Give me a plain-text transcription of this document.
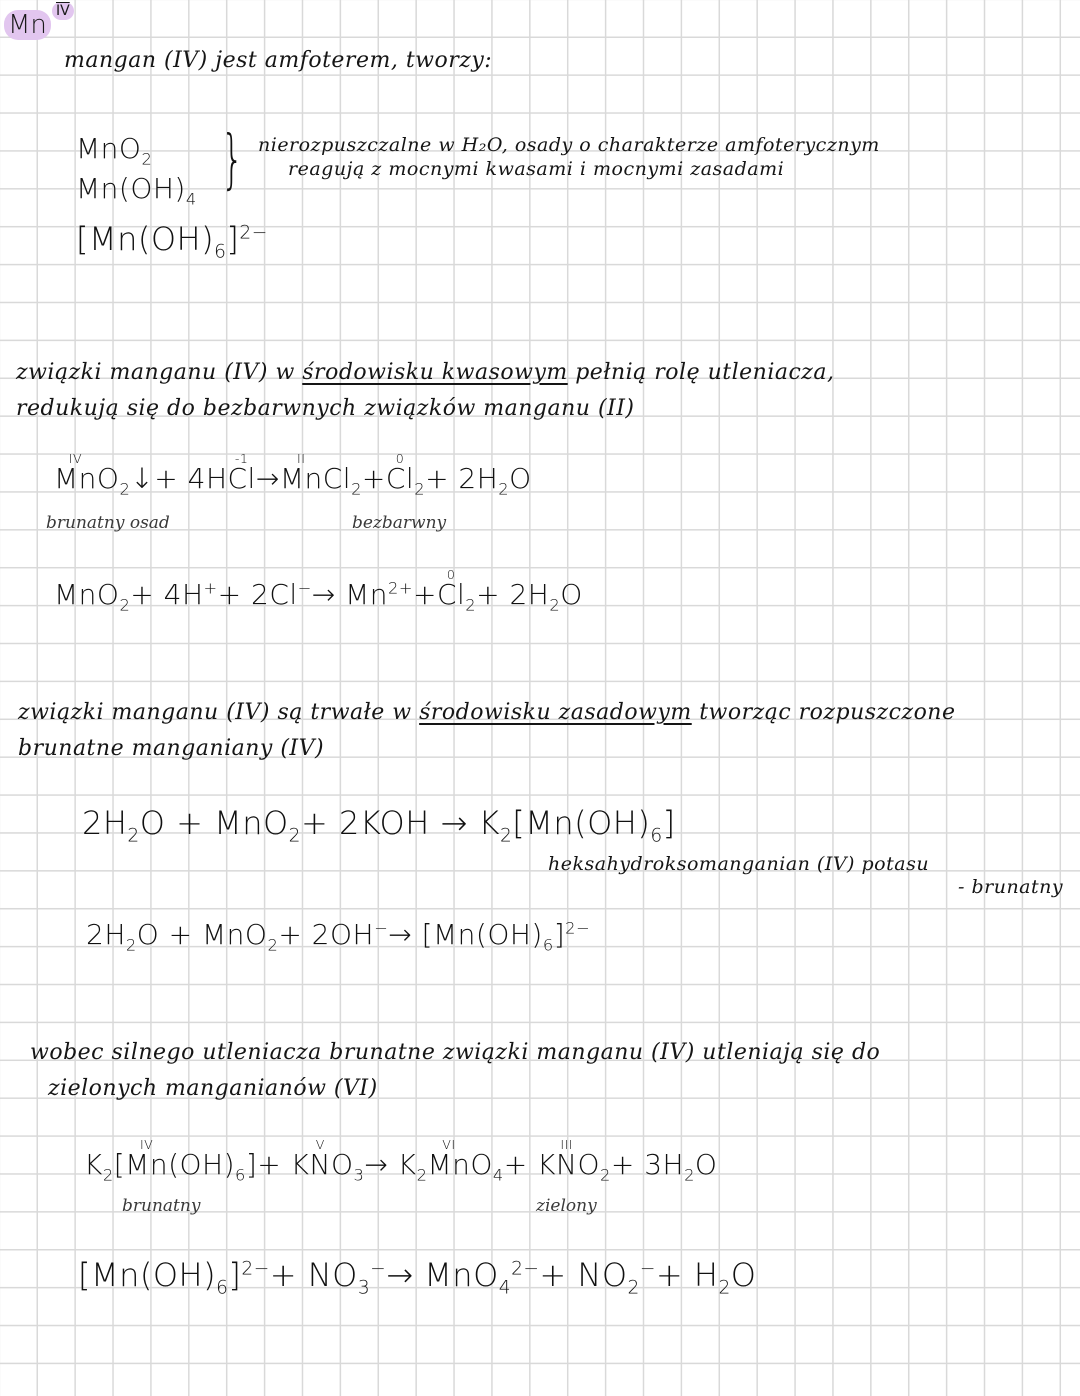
Mn $\overline{IV}$
mangan (IV) jest amfoterem, tworzy:
MnO$_2$
$Mn(OH)_4$
$[Mn(OH)_6]^{2-}$
} nierozpuszczalne w H₂O, osady o charakterze amfoterycznym
reagują z mocnymi kwasami i mocnymi zasadami
związki manganu (IV) w środowisku kwasowym pełnią rolę utleniacza,
redukują się do bezbarwnych związków manganu (II)
Mn
IV
$O_2↓+ 4HCl$
-1
→Mn
II
$Cl_2+Cl$
0
$_2+ 2H_2O$
brunatny osad	bezbarwny
$MnO_2+ 4H^++ 2Cl^-\to Mn^{2+}+Cl$
0
$_2+ 2H_2O$
związki manganu (IV) są trwałe w środowisku zasadowym tworząc rozpuszczone
brunatne manganiany (IV)
$2H_2O + MnO_2+ 2KOH \to K_2[Mn(OH)_6]$
heksahydroksomanganian (IV) potasu
- brunatny
$2H_2O + MnO_2+ 2OH^-\to [Mn(OH)_6]^{2-}$
wobec silnego utleniacza brunatne związki manganu (IV) utleniają się do
zielonych manganianów (VI)
$K_2[Mn$
IV
$(OH)_6]+$ KN
V
$O_3\to K_2Mn$
VI
$O_4+$ KN
III
$O_2+ 3H_2O$
brunatny	zielony
$[Mn(OH)_6]^{2-}+ NO_3^-\to MnO_4^{2-}+ NO_2^-+ H_2O$
